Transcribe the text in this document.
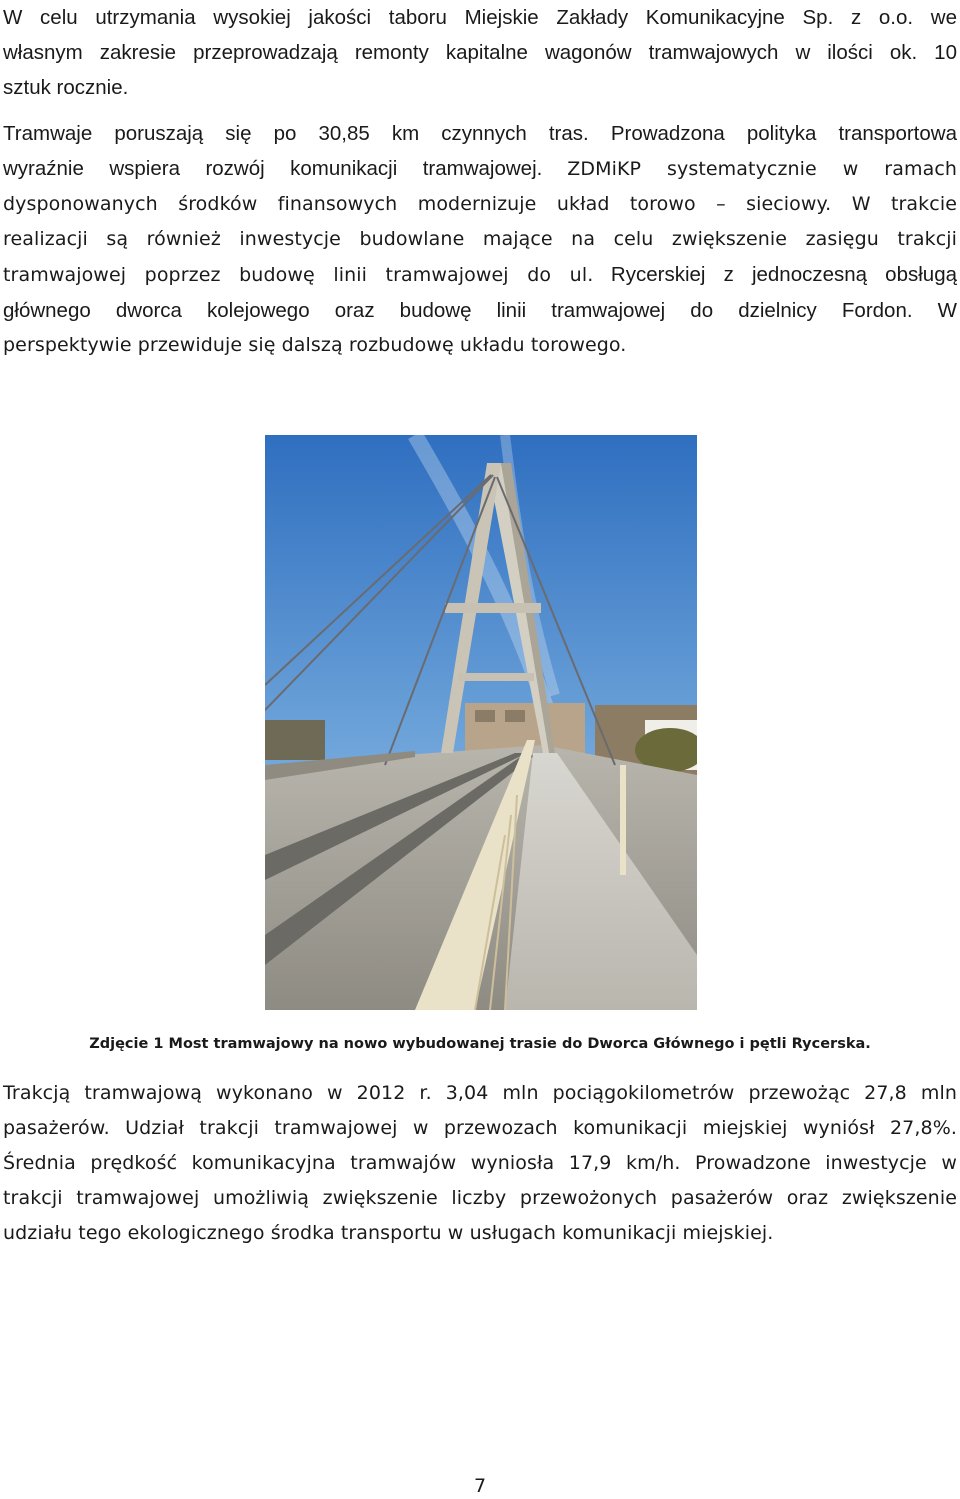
W celu utrzymania wysokiej jakości taboru Miejskie Zakłady Komunikacyjne Sp. z o.o. we
własnym zakresie przeprowadzają remonty kapitalne wagonów tramwajowych w ilości ok. 10
sztuk rocznie.
Tramwaje poruszają się po 30,85 km czynnych tras. Prowadzona polityka transportowa
wyraźnie wspiera rozwój komunikacji tramwajowej. ZDMiKP systematycznie w ramach
dysponowanych środków finansowych modernizuje układ torowo – sieciowy. W trakcie
realizacji są również inwestycje budowlane mające na celu zwiększenie zasięgu trakcji
tramwajowej poprzez budowę linii tramwajowej do ul. Rycerskiej z jednoczesną obsługą
głównego dworca kolejowego oraz budowę linii tramwajowej do dzielnicy Fordon. W
perspektywie przewiduje się dalszą rozbudowę układu torowego.
Zdjęcie 1 Most tramwajowy na nowo wybudowanej trasie do Dworca Głównego i pętli Rycerska.
Trakcją tramwajową wykonano w 2012 r. 3,04 mln pociągokilometrów przewożąc 27,8 mln
pasażerów. Udział trakcji tramwajowej w przewozach komunikacji miejskiej wyniósł 27,8%.
Średnia prędkość komunikacyjna tramwajów wyniosła 17,9 km/h. Prowadzone inwestycje w
trakcji tramwajowej umożliwią zwiększenie liczby przewożonych pasażerów oraz zwiększenie
udziału tego ekologicznego środka transportu w usługach komunikacji miejskiej.
7
